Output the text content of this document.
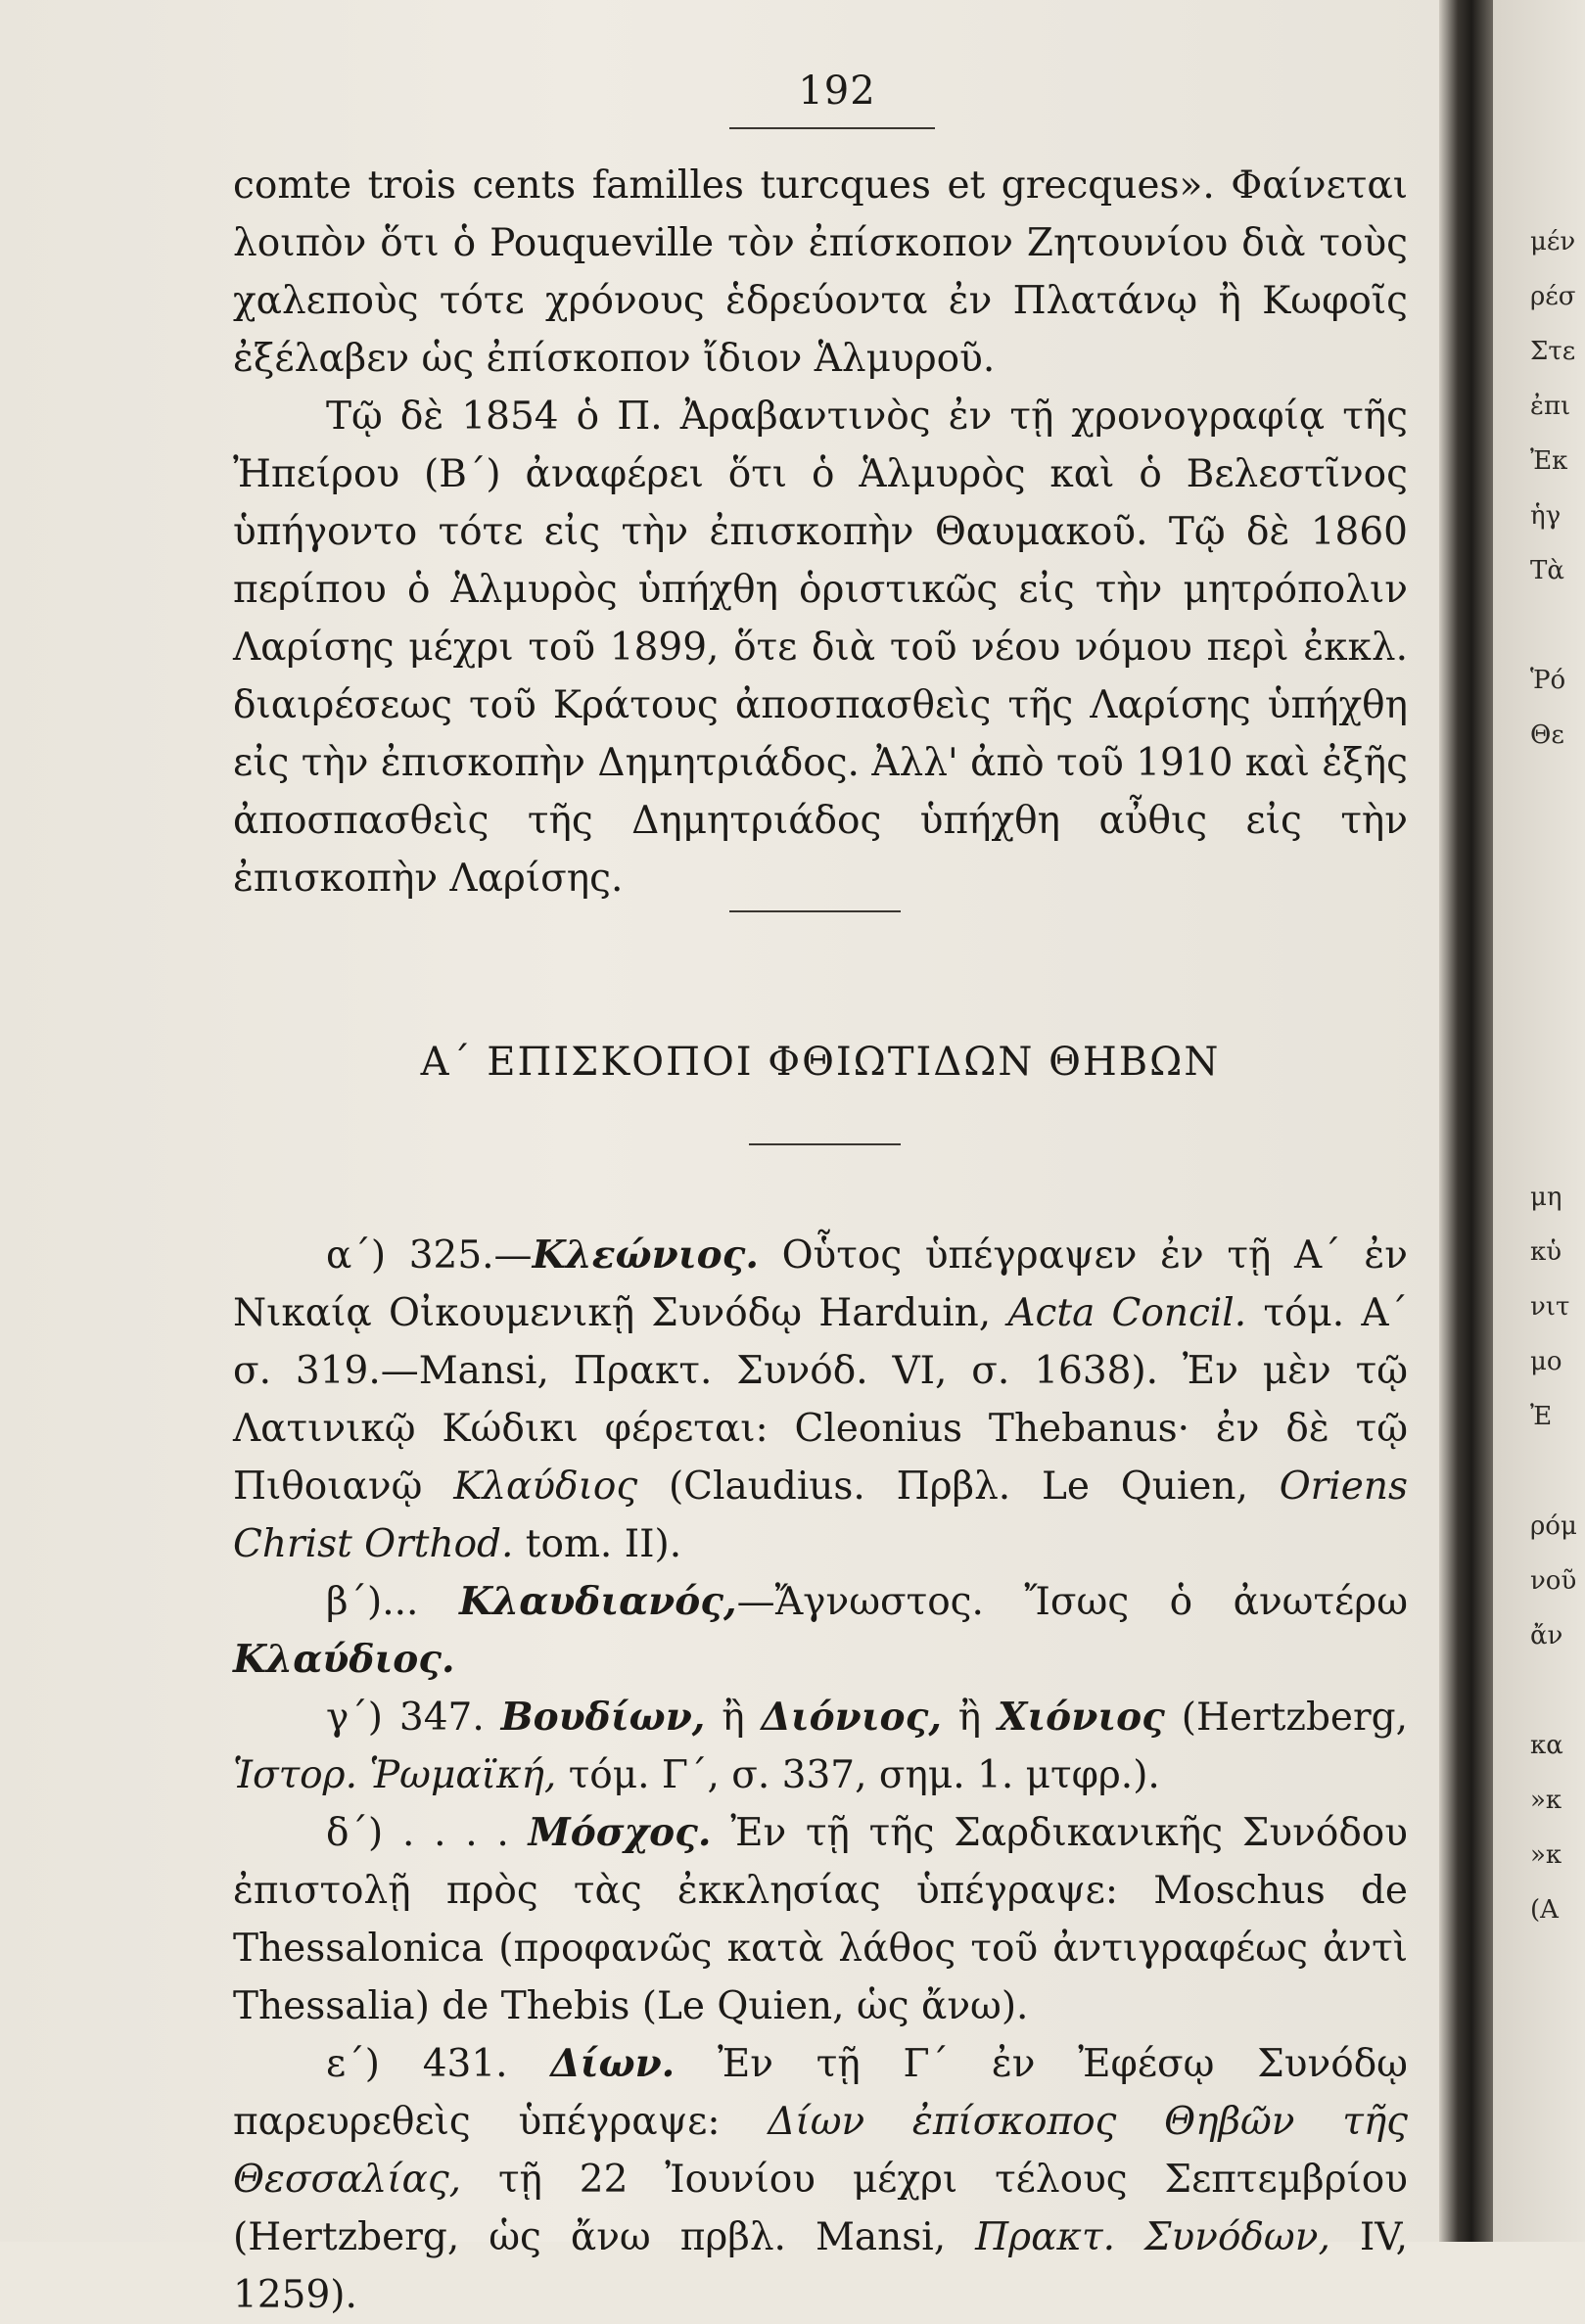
192

comte trois cents familles turcques et grecques». Φαίνεται λοιπὸν ὅτι ὁ Pouqueville τὸν ἐπίσκοπον Ζητουνίου διὰ τοὺς χαλεποὺς τότε χρόνους ἑδρεύοντα ἐν Πλατάνῳ ἢ Κωφοῖς ἐξέλαβεν ὡς ἐπίσκοπον ἴδιον Ἁλμυροῦ.

Τῷ δὲ 1854 ὁ Π. Ἀραβαντινὸς ἐν τῇ χρονογραφίᾳ τῆς Ἠπείρου (Β΄) ἀναφέρει ὅτι ὁ Ἁλμυρὸς καὶ ὁ Βελεστῖνος ὑπήγοντο τότε εἰς τὴν ἐπισκοπὴν Θαυμακοῦ. Τῷ δὲ 1860 περίπου ὁ Ἁλμυρὸς ὑπήχθη ὁριστικῶς εἰς τὴν μητρόπολιν Λαρίσης μέχρι τοῦ 1899, ὅτε διὰ τοῦ νέου νόμου περὶ ἐκκλ. διαιρέσεως τοῦ Κράτους ἀποσπασθεὶς τῆς Λαρίσης ὑπήχθη εἰς τὴν ἐπισκοπὴν Δημητριάδος. Ἀλλ' ἀπὸ τοῦ 1910 καὶ ἐξῆς ἀποσπασθεὶς τῆς Δημητριάδος ὑπήχθη αὖθις εἰς τὴν ἐπισκοπὴν Λαρίσης.

Α΄ ΕΠΙΣΚΟΠΟΙ ΦΘΙΩΤΙΔΩΝ ΘΗΒΩΝ

α΄) 325.—Κλεώνιος. Οὗτος ὑπέγραψεν ἐν τῇ Α΄ ἐν Νικαίᾳ Οἰκουμενικῇ Συνόδῳ Harduin, Acta Concil. τόμ. Α΄ σ. 319.—Mansi, Πρακτ. Συνόδ. VI, σ. 1638). Ἐν μὲν τῷ Λατινικῷ Κώδικι φέρεται: Cleonius Thebanus· ἐν δὲ τῷ Πιθοιανῷ Κλαύδιος (Claudius. Πρβλ. Le Quien, Oriens Christ Orthod. tom. II).

β΄)... Κλαυδιανός,—Ἄγνωστος. Ἴσως ὁ ἀνωτέρω Κλαύδιος.

γ΄) 347. Βουδίων, ἢ Διόνιος, ἢ Χιόνιος (Hertzberg, Ἱστορ. Ῥωμαϊκή, τόμ. Γ΄, σ. 337, σημ. 1. μτφρ.).

δ΄) . . . . Μόσχος. Ἐν τῇ τῆς Σαρδικανικῆς Συνόδου ἐπιστολῇ πρὸς τὰς ἐκκλησίας ὑπέγραψε: Moschus de Thessalonica (προφανῶς κατὰ λάθος τοῦ ἀντιγραφέως ἀντὶ Thessalia) de Thebis (Le Quien, ὡς ἄνω).

ε΄) 431. Δίων. Ἐν τῇ Γ΄ ἐν Ἐφέσῳ Συνόδῳ παρευρεθεὶς ὑπέγραψε: Δίων ἐπίσκοπος Θηβῶν τῆς Θεσσαλίας, τῇ 22 Ἰουνίου μέχρι τέλους Σεπτεμβρίου (Hertzberg, ὡς ἄνω πρβλ. Mansi, Πρακτ. Συνόδων, IV, 1259).

μέν
ρέσ
Στε
ἐπι
Ἐκ
ἡγ
Τὰ
Ῥό
Θε
μη
κὑ
νιτ
μο
Ἐ
ρόμ
νοῦ
ἄν
κα
»κ
»κ
(A
